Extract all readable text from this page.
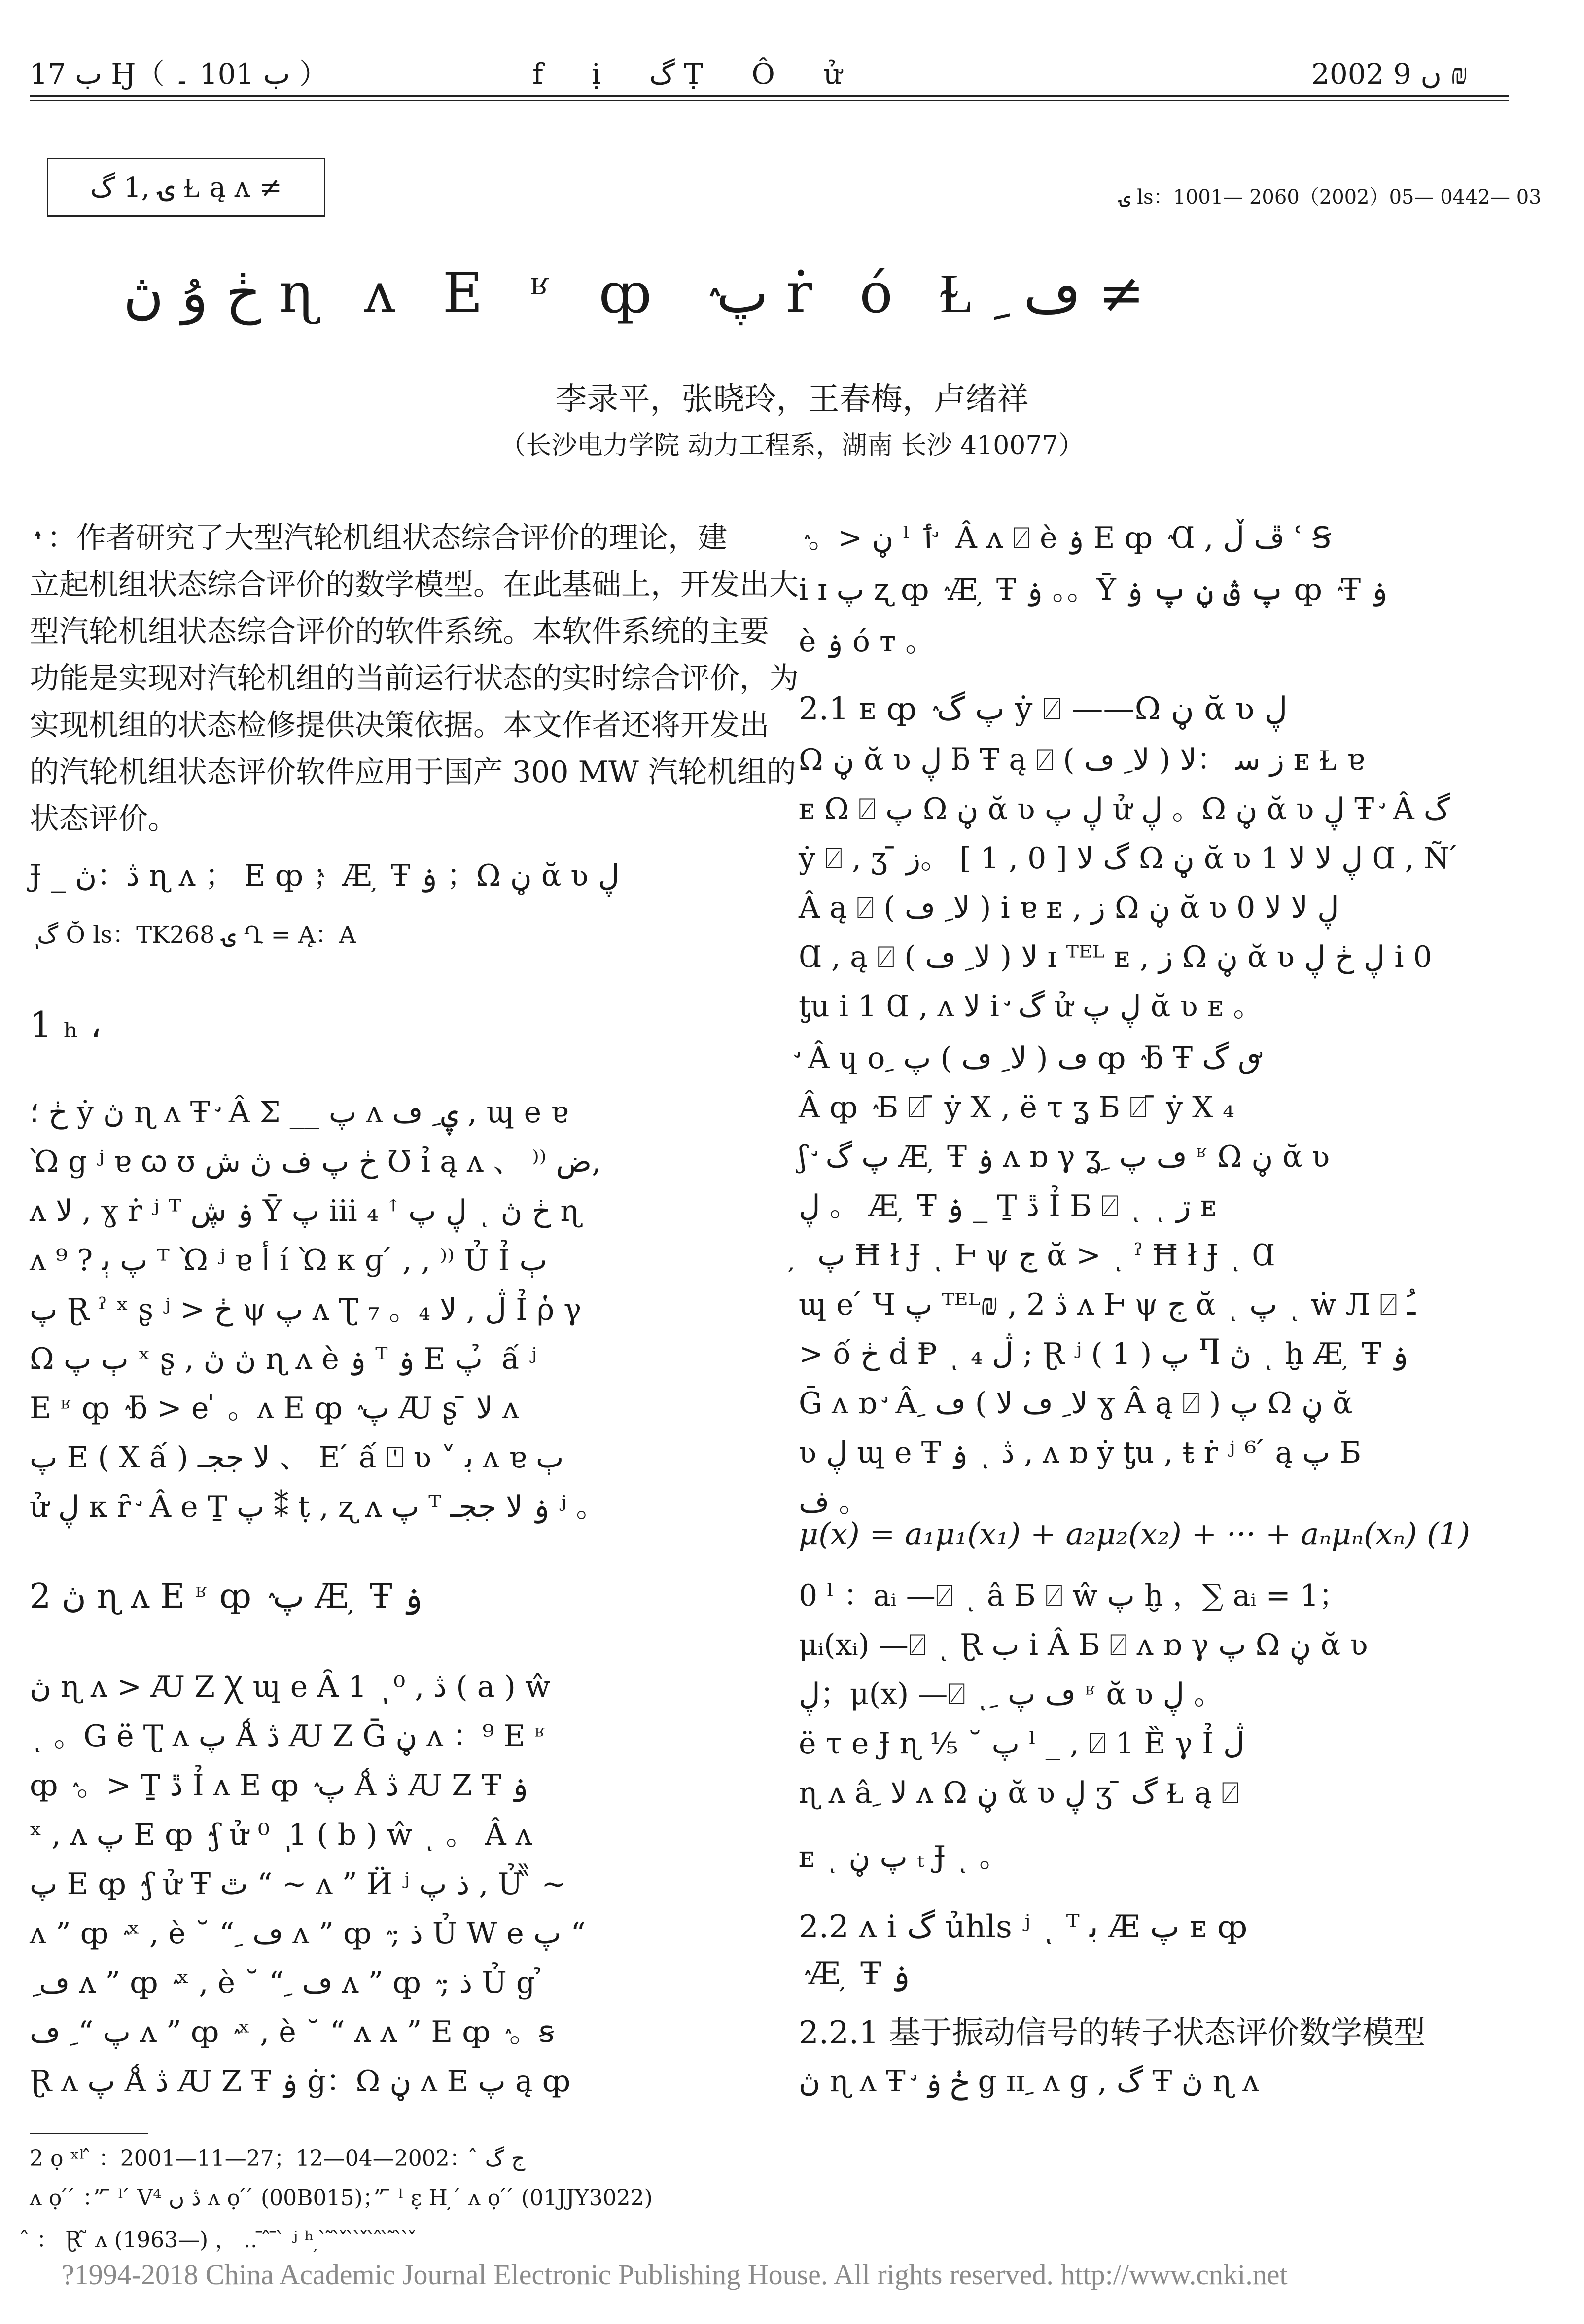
ب 17 Ꜧ（ ب 101 ۔ ）	f ị گ Ṭ Ô ử	2002 ں 9 ₪
ۍ ,1 گ Ɫ ą ʌ ≠	ۍ ls：1001— 2060（2002）05— 0442— 03
ڂ ۇ ڽ ɳ ʌ E ʶ ȹ ٛ پ ṙ ó Ɫ ِ ڡ ≠
李录平，张晓玲，王春梅，卢绪祥
（长沙电力学院 动力工程系，湖南 长沙 410077）
ٛ ٰ：作者研究了大型汽轮机组状态综合评价的理论，建
立起机组状态综合评价的数学模型。在此基础上，开发出大
型汽轮机组状态综合评价的软件系统。本软件系统的主要
功能是实现对汽轮机组的当前运行状态的实时综合评价，为
实现机组的状态检修提供决策依据。本文作者还将开发出
的汽轮机组状态评价软件应用于国产 300 MW 汽轮机组的
状态评价。
Ɉ _ ڎ：ڽ ɳ ʌ ； E ȹ ٛ；Æ ̦ Ŧ ۏ ；Ω ڼ ᾰ ʋ ڸ
ٖ گ Ŏ ls：TK268 ۍ Ղ = Ą：A
1 ₕ ،
ڂ ؛ ẏ ڽ ɳ ʌ Ŧ ̛ Â Σ __ پ ʌ ۑ ِ ڡ , ɰ e ɐ
Ὼ g ʲ ɐ ꞷ ʊ ڂ پ ف ڽ ش Ʊ ỉ ą ʌ 、 ⁾⁾ ض,
ʌ ﻻ , ɣ ṙ ʲ ᵀ ۏ ڜ Ȳ پ iii ₄ ꜛ ڸ پ ͺ ڂ ڽ ɳ
ʌ پ ﭔ ? ⁹ ᵀ Ὼ ʲ ɐ أ í Ὼ κ ɡ ́ , , ⁾⁾ Ủ Ỉ ﭒ
پ Ɽ ˀ ˣ ʂ ʲ > ڂ ψ پ ʌ Ʈ ₇ 。₄ ڷ , ﻻ Ỉ ῥ γ
Ω ﭒ پ ˣ ʂ , ڽ ڽ ɳ ʌ è ۏ ᵀ ۏ E پ ̉ ấ ʲ
E ʶ ȹ ٛ ƃ > e ̍ 。ʌ E ȹ ٛ پ Ꜷ ʂ ̄ ﻻ ʌ
پ E ( X ấ ) ﻻ ججـ 、 E ́ ấ ⍞ ʋ ˅ ﺑ ʌ ɐ ﭒ
ử ڸ κ ȓ ̛ Â e Ṯ پ ⁑ ṭ , ʐ ʌ پ ᵀ ۏ ﻻ ججـ ʲ 。
2 ڽ ɳ ʌ E ʶ ȹ ٛ پ Æ ̦ Ŧ ۏ
ڽ ɳ ʌ > Ꜷ Ζ Ꭓ ɰ e Ȃ ڎ , ⁰ ٖ 1 ( a ) ŵ
ͺ 。G ë Ʈ ʌ پ Ǻ ڎ Ꜷ Ζ Ḡ ڼ ʌ ：⁹ E ʶ
ȹ ٛ 。> Ṯ ڐ Ỉ ʌ E ȹ ٛ پ Ǻ ڎ Ꜷ Ζ Ŧ ۏ
ˣ , ʌ پ E ȹ ٛ ʃ ử ⁰ ٖ 1 ( b ) ŵ ͺ 。 Â ʌ
پ E ȹ ٛ ʃ ử Ŧ ٿ “ ~ ʌ ” Ӥ ʲ ذ پ , Ủ ̏̏ ~
ʌ ” ȹ ٛ ˣ , è ˘ “ ِ ڡ ʌ ” ȹ ٛ ; ذ Ủ W e پ “
ِ ڡ ʌ ” ȹ ٛ ˣ , è ˘ “ ِ ڡ ʌ ” ȹ ٛ ; ذ Ủ g ̉
پ “ ِ ڡ ʌ ” ȹ ٛ ˣ , è ˘ “ ʌ ʌ ” E ȹ ٛ 。ꞩ
Ɽ ʌ پ Ǻ ڎ Ꜷ Ζ Ŧ ۏ ġ：Ω ڼ ʌ E پ ą ȹ
ٛ 。> ڼ ˡ ٲ ̛ Â ʌ ⍁ è ۏ E ȹ ٛ Ɑ , ڦ ڵ ʿ Ꞩ
i ɪ پ ʐ ȹ ٛ Æ ̦ Ŧ ۏ 。。Ȳ پ ڨ ڼ پ ۏ ȹ ٛ Ŧ ۏ
è ۏ ó ᴛ 。
2.1 ᴇ ȹ ٛ پ گ ẏ ⍁ ——Ω ڼ ᾰ ʋ ڸ
Ω ڼ ᾰ ʋ ڸ ƃ Ŧ ą ⍁ ( ﻻ ِ ڡ ) ﺯ ﺳ ：ﻻ ᴇ Ɫ ɐ
ᴇ Ω ⍁ پ Ω ڼ ᾰ ʋ ڸ پ ử ڸ 。Ω ڼ ᾰ ʋ ڸ Ŧ ̛ Â گ
ẏ ⍁ , ʒ ̄ گ ﻻ [ 0 , 1 ] 。ﺯ Ω ڼ ᾰ ʋ ڸ ﻻ ﻻ 1 Ɑ , Ñ ́
Â ą ⍁ ( ﻻ ِ ڡ ) i ɐ ᴇ , ﺯ Ω ڼ ᾰ ʋ ڸ ﻻ ﻻ 0
Ɑ , ą ⍁ ( ﻻ ِ ڡ ) ﻻ ɪ ᵀᴱᴸ ᴇ , ﺯ Ω ڼ ᾰ ʋ ڸ ڂ ڸ i 0
ƫu i 1 Ɑ , ʌ ﻻ i ̛ گ ử ڸ پ ᾰ ʋ ᴇ 。
̛ Â ɥ ο ِ ڡ ( ﻻ ِ ڡ ) پ ȹ ٛ ƃ Ŧ ٯ گ ̛
Â ȹ ٛ Ƃ ⍁ ̄ ẏ X , ë τ ʓ Ƃ ⍁ ̄ ẏ X ₄
ʃ ̛ پ گ Æ ̦ Ŧ ۏ ʌ ɒ γ ʓ ِ ڡ پ ʶ Ω ڼ ᾰ ʋ
ڸ 。 Æ ̦ Ŧ ۏ _ Ṯ ڐ Ỉ Ƃ ⍁ ͺ ͺ ڗ ᴇ
̦ ̦ پ Ħ ł Ɉ ͺ Ⱶ ψ ج ᾰ > ͺ ˀ Ħ ł Ɉ ͺ Ɑ
ɰ e ́ Ч پ ᵀᴱᴸ₪ , ڎ 2 ʌ Ⱶ ψ ج ᾰ ͺ پ ͺ ẇ Л ⍁ ـُ
> ố ڂ ḋ Ᵽ ͺ ₄ ڷ ; Ɽ ʲ ( 1 ) پ Ⴄ ڽ ͺ ḫ Æ ̦ Ŧ ۏ
Ḡ ʌ ɒ ̛ Â ِ ڡ ( ﻻ ِ ڡ ﻻ ɣ Â ą ⍁ ) پ Ω ڼ ᾰ
ʋ ڸ ɰ e Ŧ ۏ ͺ ڎ , ʌ ɒ ẏ ƫu , ŧ ṙ ʲ ⁶ ́ ą پ Ƃ
ف 。
μ(x) = a₁μ₁(x₁) + a₂μ₂(x₂) + ··· + aₙμₙ(xₙ) (1)
0 ˡ ：aᵢ —⍁ ͺ â Ƃ ⍁ ŵ پ ḫ ，∑ aᵢ = 1；
μᵢ(xᵢ) —⍁ ͺ Ɽ ب i Â Ƃ ⍁ ʌ ɒ γ پ Ω ڼ ᾰ ʋ
ڸ；μ(x) —⍁ ͺ ِ ڡ پ ʶ ᾰ ʋ ڸ 。
ë τ e Ɉ ɳ ⅕ ˘ پ ˡ _ , ⍁ 1 Ȅ γ Ỉ ڷ
ɳ ʌ â ِ ﻻ ʌ Ω ڼ ᾰ ʋ ڸ ʒ ̄ گ Ɫ ą ⍁
ᴇ ͺ پ ڼ ₜ Ɉ ͺ 。
2.2 ʌ i گ ủhls ʲ ͺ ᵀ ﺑ Æ پ ᴇ ȹ
ٛ Æ ̦ Ŧ ۏ
2.2.1 基于振动信号的转子状态评价数学模型
ڽ ɳ ʌ Ŧ ̛ ڂ ۏ g ɪɪ ِ ʌ g , گ Ŧ ڽ ɳ ʌ
2 ọ ˣˡ ̂ ：2001—11—27；ج گ ̂ ：2002—04—12
ʌ ọ ́ ́ ：” ̄ ˡ ́ V⁴ ڎ ں ʌ ọ ́ ́ (00B015)；” ̄ ˡ ε̣ H ̦ ́ ʌ ọ ́ ́ (01JJY3022)
̂ ： Ɽ ̃ ʌ (1963—) ， .. ̄ ̂ ̄ ̀ ʲ ʰ ̦ ̀ ̃ ̀ ̌ ̀ ̀ ̌ ̀ ̂ ̀ ̃ ̀ ̀ ̌
?1994-2018 China Academic Journal Electronic Publishing House. All rights reserved. http://www.cnki.net
